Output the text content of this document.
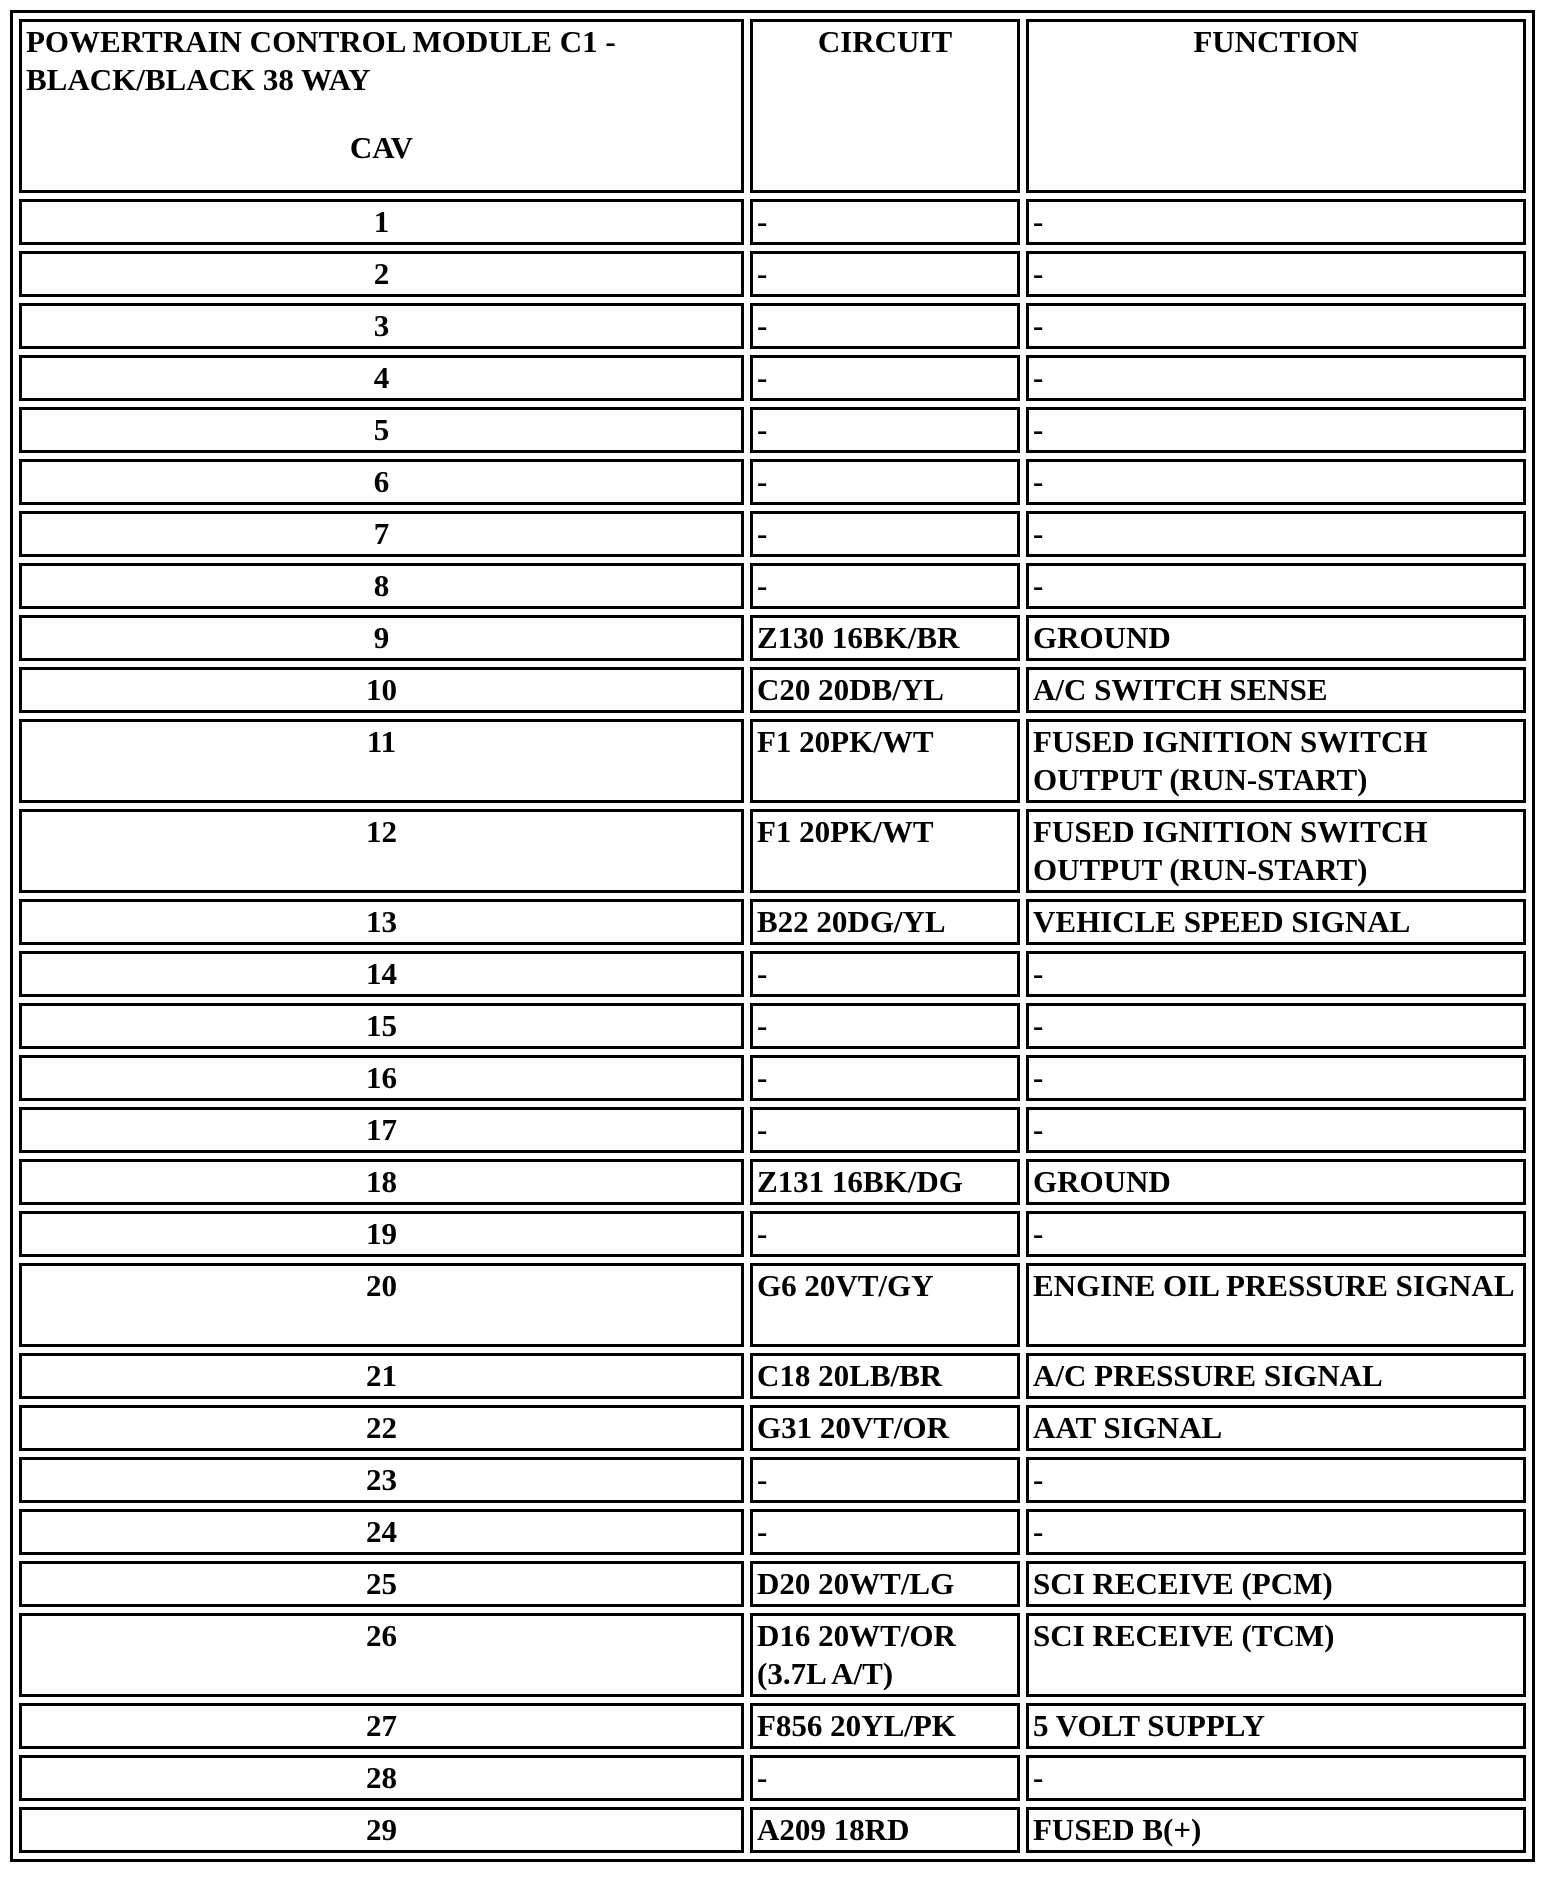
POWERTRAIN CONTROL MODULE C1 - BLACK/BLACK 38 WAY
CAV	CIRCUIT	FUNCTION
1	-	-
2	-	-
3	-	-
4	-	-
5	-	-
6	-	-
7	-	-
8	-	-
9	Z130 16BK/BR	GROUND
10	C20 20DB/YL	A/C SWITCH SENSE
11	F1 20PK/WT	FUSED IGNITION SWITCH OUTPUT (RUN-START)
12	F1 20PK/WT	FUSED IGNITION SWITCH OUTPUT (RUN-START)
13	B22 20DG/YL	VEHICLE SPEED SIGNAL
14	-	-
15	-	-
16	-	-
17	-	-
18	Z131 16BK/DG	GROUND
19	-	-
20	G6 20VT/GY	ENGINE OIL PRESSURE SIGNAL
21	C18 20LB/BR	A/C PRESSURE SIGNAL
22	G31 20VT/OR	AAT SIGNAL
23	-	-
24	-	-
25	D20 20WT/LG	SCI RECEIVE (PCM)
26	D16 20WT/OR (3.7L A/T)	SCI RECEIVE (TCM)
27	F856 20YL/PK	5 VOLT SUPPLY
28	-	-
29	A209 18RD	FUSED B(+)
